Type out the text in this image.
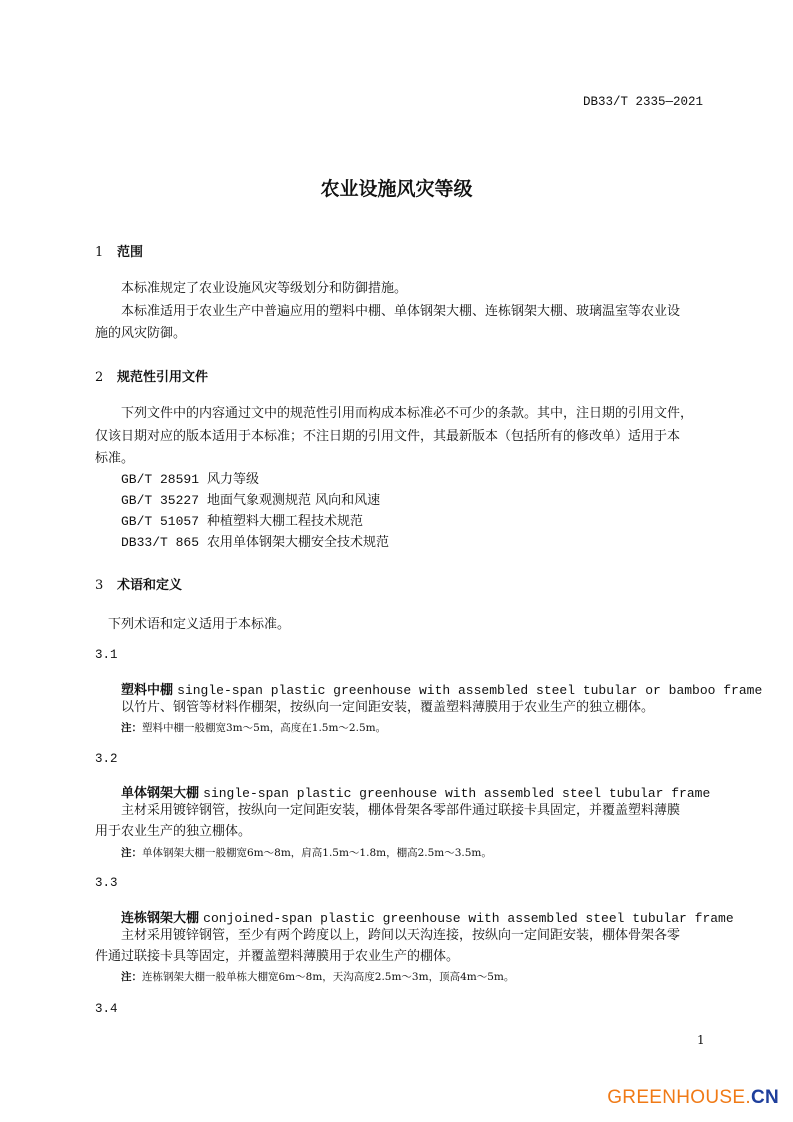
DB33/T 2335—2021
农业设施风灾等级
1 范围
本标准规定了农业设施风灾等级划分和防御措施。
本标准适用于农业生产中普遍应用的塑料中棚、单体钢架大棚、连栋钢架大棚、玻璃温室等农业设
施的风灾防御。
2 规范性引用文件
下列文件中的内容通过文中的规范性引用而构成本标准必不可少的条款。其中，注日期的引用文件，
仅该日期对应的版本适用于本标准；不注日期的引用文件，其最新版本（包括所有的修改单）适用于本
标准。
GB/T 28591 风力等级
GB/T 35227 地面气象观测规范 风向和风速
GB/T 51057 种植塑料大棚工程技术规范
DB33/T 865 农用单体钢架大棚安全技术规范
3 术语和定义
下列术语和定义适用于本标准。
3.1
塑料中棚 single-span plastic greenhouse with assembled steel tubular or bamboo frame
以竹片、钢管等材料作棚架，按纵向一定间距安装，覆盖塑料薄膜用于农业生产的独立棚体。
注：塑料中棚一般棚宽3m～5m，高度在1.5m～2.5m。
3.2
单体钢架大棚 single-span plastic greenhouse with assembled steel tubular frame
主材采用镀锌钢管，按纵向一定间距安装，棚体骨架各零部件通过联接卡具固定，并覆盖塑料薄膜
用于农业生产的独立棚体。
注：单体钢架大棚一般棚宽6m～8m，肩高1.5m～1.8m，棚高2.5m～3.5m。
3.3
连栋钢架大棚 conjoined-span plastic greenhouse with assembled steel tubular frame
主材采用镀锌钢管，至少有两个跨度以上，跨间以天沟连接，按纵向一定间距安装，棚体骨架各零
件通过联接卡具等固定，并覆盖塑料薄膜用于农业生产的棚体。
注：连栋钢架大棚一般单栋大棚宽6m～8m，天沟高度2.5m～3m，顶高4m～5m。
3.4
1
GREENHOUSE.CN
